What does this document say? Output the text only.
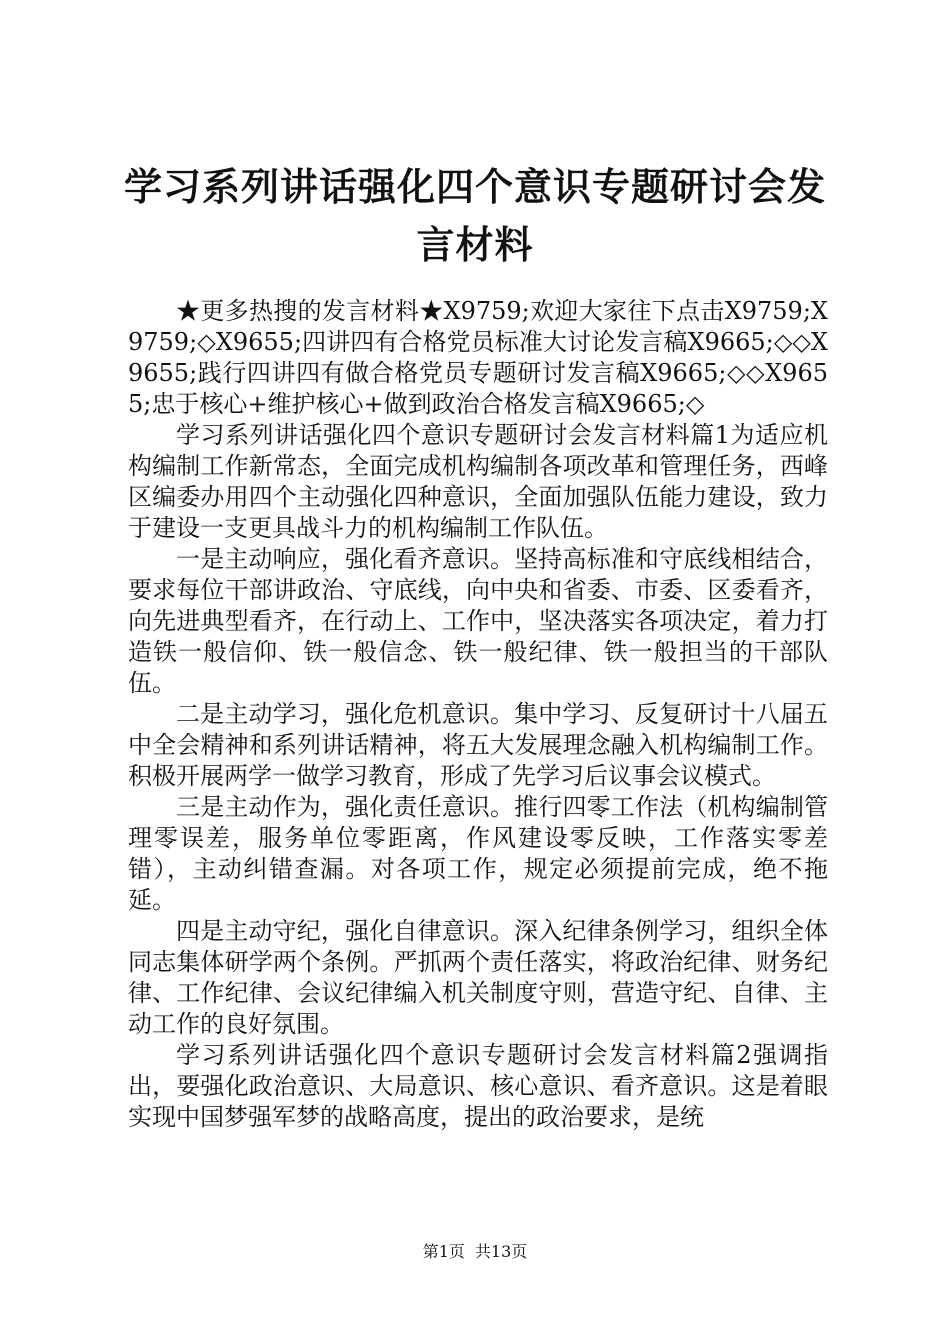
学习系列讲话强化四个意识专题研讨会发言材料

★更多热搜的发言材料★X9759;欢迎大家往下点击X9759;X9759;◇X9655;四讲四有合格党员标准大讨论发言稿X9665;◇◇X9655;践行四讲四有做合格党员专题研讨发言稿X9665;◇◇X9655;忠于核心+维护核心+做到政治合格发言稿X9665;◇

学习系列讲话强化四个意识专题研讨会发言材料篇1为适应机构编制工作新常态，全面完成机构编制各项改革和管理任务，西峰区编委办用四个主动强化四种意识，全面加强队伍能力建设，致力于建设一支更具战斗力的机构编制工作队伍。

一是主动响应，强化看齐意识。坚持高标准和守底线相结合，要求每位干部讲政治、守底线，向中央和省委、市委、区委看齐，向先进典型看齐，在行动上、工作中，坚决落实各项决定，着力打造铁一般信仰、铁一般信念、铁一般纪律、铁一般担当的干部队伍。

二是主动学习，强化危机意识。集中学习、反复研讨十八届五中全会精神和系列讲话精神，将五大发展理念融入机构编制工作。积极开展两学一做学习教育，形成了先学习后议事会议模式。

三是主动作为，强化责任意识。推行四零工作法（机构编制管理零误差，服务单位零距离，作风建设零反映，工作落实零差错），主动纠错查漏。对各项工作，规定必须提前完成，绝不拖延。

四是主动守纪，强化自律意识。深入纪律条例学习，组织全体同志集体研学两个条例。严抓两个责任落实，将政治纪律、财务纪律、工作纪律、会议纪律编入机关制度守则，营造守纪、自律、主动工作的良好氛围。

学习系列讲话强化四个意识专题研讨会发言材料篇2强调指出，要强化政治意识、大局意识、核心意识、看齐意识。这是着眼实现中国梦强军梦的战略高度，提出的政治要求，是统

第1页 共13页
